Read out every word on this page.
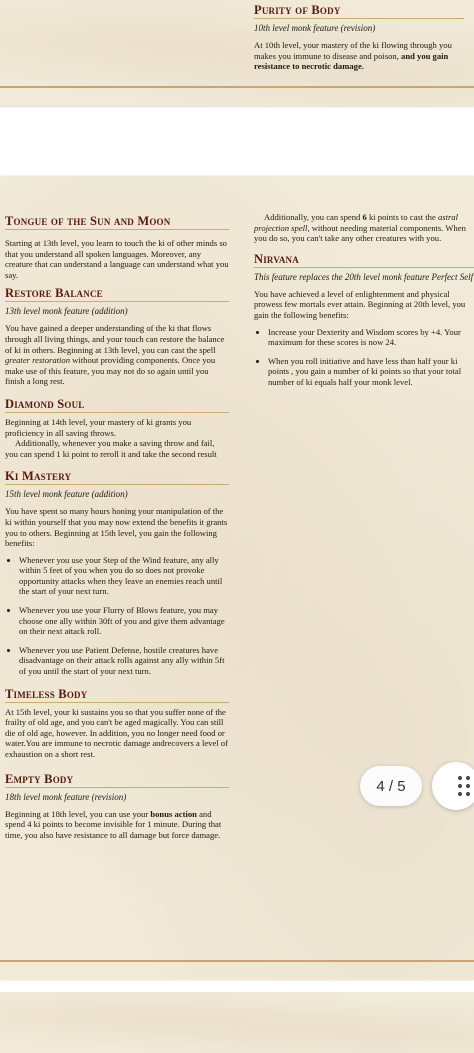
Purity of Body
10th level monk feature (revision)
At 10th level, your mastery of the ki flowing through you makes you immune to disease and poison, and you gain resistance to necrotic damage.
Tongue of the Sun and Moon
Starting at 13th level, you learn to touch the ki of other minds so that you understand all spoken languages. Moreover, any creature that can understand a language can understand what you say.
Restore Balance
13th level monk feature (addition)
You have gained a deeper understanding of the ki that flows through all living things, and your touch can restore the balance of ki in others. Beginning at 13th level, you can cast the spell greater restoration without providing components. Once you make use of this feature, you may not do so again until you finish a long rest.
Diamond Soul
Beginning at 14th level, your mastery of ki grants you proficiency in all saving throws.
Additionally, whenever you make a saving throw and fail, you can spend 1 ki point to reroll it and take the second result
Ki Mastery
15th level monk feature (addition)
You have spent so many hours honing your manipulation of the ki within yourself that you may now extend the benefits it grants you to others. Beginning at 15th level, you gain the following benefits:
• Whenever you use your Step of the Wind feature, any ally within 5 feet of you when you do so does not provoke opportunity attacks when they leave an enemies reach until the start of your next turn.
• Whenever you use your Flurry of Blows feature, you may choose one ally within 30ft of you and give them advantage on their next attack roll.
• Whenever you use Patient Defense, hostile creatures have disadvantage on their attack rolls against any ally within 5ft of you until the start of your next turn.
Timeless Body
At 15th level, your ki sustains you so that you suffer none of the frailty of old age, and you can't be aged magically. You can still die of old age, however. In addition, you no longer need food or water.You are immune to necrotic damage andrecovers a level of exhaustion on a short rest.
Empty Body
18th level monk feature (revision)
Beginning at 18th level, you can use your bonus action and spend 4 ki points to become invisible for 1 minute. During that time, you also have resistance to all damage but force damage.
Additionally, you can spend 6 ki points to cast the astral projection spell, without needing material components. When you do so, you can't take any other creatures with you.
Nirvana
This feature replaces the 20th level monk feature Perfect Self
You have achieved a level of enlightenment and physical prowess few mortals ever attain. Beginning at 20th level, you gain the following benefits:
• Increase your Dexterity and Wisdom scores by +4. Your maximum for these scores is now 24.
• When you roll initiative and have less than half your ki points , you gain a number of ki points so that your total number of ki equals half your monk level.
4 / 5
